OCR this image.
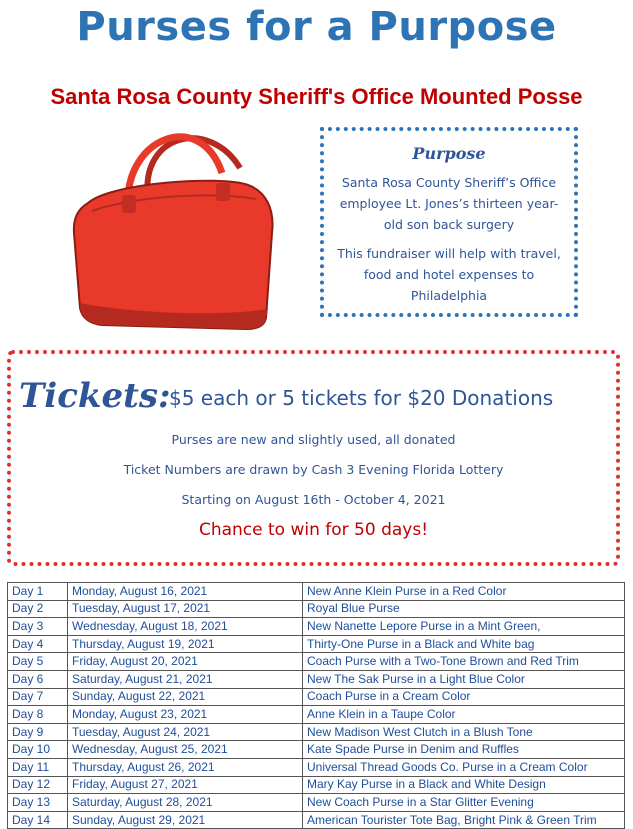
Purses for a Purpose
Santa Rosa County Sheriff's Office Mounted Posse
Purpose
Santa Rosa County Sheriff’s Office employee Lt. Jones’s thirteen year-old son back surgery
This fundraiser will help with travel, food and hotel expenses to Philadelphia
Tickets:
$5 each or 5 tickets for $20 Donations
Purses are new and slightly used, all donated
Ticket Numbers are drawn by Cash 3 Evening Florida Lottery
Starting on August 16th - October 4, 2021
Chance to win for 50 days!
Day 1	Monday, August 16, 2021	New Anne Klein Purse in a Red Color
Day 2	Tuesday, August 17, 2021	Royal Blue Purse
Day 3	Wednesday, August 18, 2021	New Nanette Lepore Purse in a Mint Green,
Day 4	Thursday, August 19, 2021	Thirty-One Purse in a Black and White bag
Day 5	Friday, August 20, 2021	Coach Purse with a Two-Tone Brown and Red Trim
Day 6	Saturday, August 21, 2021	New The Sak Purse in a Light Blue Color
Day 7	Sunday, August 22, 2021	Coach Purse in a Cream Color
Day 8	Monday, August 23, 2021	Anne Klein in a Taupe Color
Day 9	Tuesday, August 24, 2021	New Madison West Clutch in a Blush Tone
Day 10	Wednesday, August 25, 2021	Kate Spade Purse in Denim and Ruffles
Day 11	Thursday, August 26, 2021	Universal Thread Goods Co. Purse in a Cream Color
Day 12	Friday, August 27, 2021	Mary Kay Purse in a Black and White Design
Day 13	Saturday, August 28, 2021	New Coach Purse in a Star Glitter Evening
Day 14	Sunday, August 29, 2021	American Tourister Tote Bag, Bright Pink & Green Trim
